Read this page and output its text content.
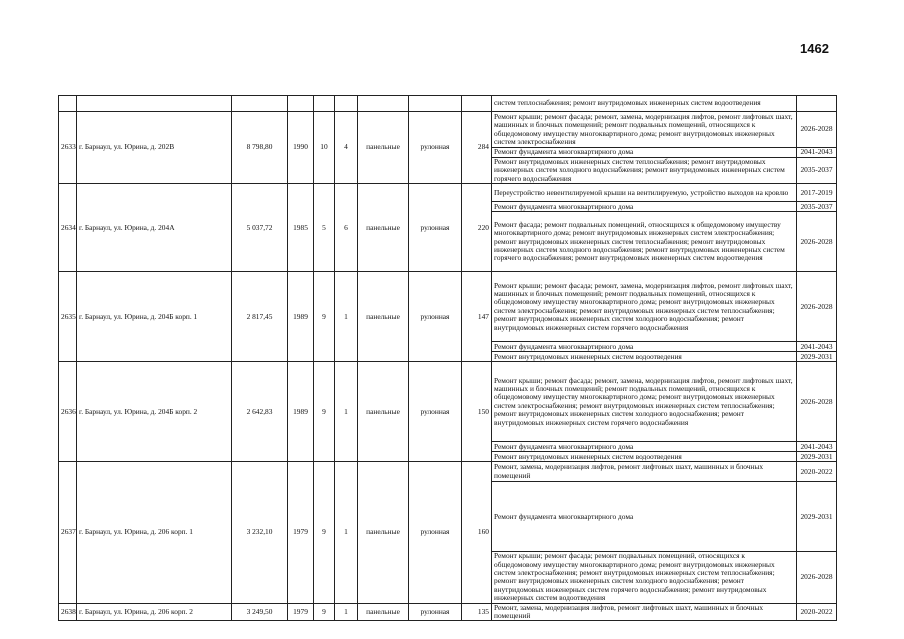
1462
									систем теплоснабжения; ремонт внутридомовых инженерных систем водоотведения	
2633	г. Барнаул, ул. Юрина, д. 202В	8 798,80	1990	10	4	панельные	рулонная	284	Ремонт крыши; ремонт фасада; ремонт, замена, модернизация лифтов, ремонт лифтовых шахт, машинных и блочных помещений; ремонт подвальных помещений, относящихся к общедомовому имуществу многоквартирного дома; ремонт внутридомовых инженерных систем электроснабжения	2026-2028
									Ремонт фундамента многоквартирного дома	2041-2043
									Ремонт внутридомовых инженерных систем теплоснабжения; ремонт внутридомовых инженерных систем холодного водоснабжения; ремонт внутридомовых инженерных систем горячего водоснабжения	2035-2037
2634	г. Барнаул, ул. Юрина, д. 204А	5 037,72	1985	5	6	панельные	рулонная	220	Переустройство невентилируемой крыши на вентилируемую, устройство выходов на кровлю	2017-2019
									Ремонт фундамента многоквартирного дома	2035-2037
									Ремонт фасада; ремонт подвальных помещений, относящихся к общедомовому имуществу многоквартирного дома; ремонт внутридомовых инженерных систем электроснабжения; ремонт внутридомовых инженерных систем теплоснабжения; ремонт внутридомовых инженерных систем холодного водоснабжения; ремонт внутридомовых инженерных систем горячего водоснабжения; ремонт внутридомовых инженерных систем водоотведения	2026-2028
2635	г. Барнаул, ул. Юрина, д. 204Б корп. 1	2 817,45	1989	9	1	панельные	рулонная	147	Ремонт крыши; ремонт фасада; ремонт, замена, модернизация лифтов, ремонт лифтовых шахт, машинных и блочных помещений; ремонт подвальных помещений, относящихся к общедомовому имуществу многоквартирного дома; ремонт внутридомовых инженерных систем электроснабжения; ремонт внутридомовых инженерных систем теплоснабжения; ремонт внутридомовых инженерных систем холодного водоснабжения; ремонт внутридомовых инженерных систем горячего водоснабжения	2026-2028
									Ремонт фундамента многоквартирного дома	2041-2043
									Ремонт внутридомовых инженерных систем водоотведения	2029-2031
2636	г. Барнаул, ул. Юрина, д. 204Б корп. 2	2 642,83	1989	9	1	панельные	рулонная	150	Ремонт крыши; ремонт фасада; ремонт, замена, модернизация лифтов, ремонт лифтовых шахт, машинных и блочных помещений; ремонт подвальных помещений, относящихся к общедомовому имуществу многоквартирного дома; ремонт внутридомовых инженерных систем электроснабжения; ремонт внутридомовых инженерных систем теплоснабжения; ремонт внутридомовых инженерных систем холодного водоснабжения; ремонт внутридомовых инженерных систем горячего водоснабжения	2026-2028
									Ремонт фундамента многоквартирного дома	2041-2043
									Ремонт внутридомовых инженерных систем водоотведения	2029-2031
2637	г. Барнаул, ул. Юрина, д. 206 корп. 1	3 232,10	1979	9	1	панельные	рулонная	160	Ремонт, замена, модернизация лифтов, ремонт лифтовых шахт, машинных и блочных помещений	2020-2022
									Ремонт фундамента многоквартирного дома	2029-2031
									Ремонт крыши; ремонт фасада; ремонт подвальных помещений, относящихся к общедомовому имуществу многоквартирного дома; ремонт внутридомовых инженерных систем электроснабжения; ремонт внутридомовых инженерных систем теплоснабжения; ремонт внутридомовых инженерных систем холодного водоснабжения; ремонт внутридомовых инженерных систем горячего водоснабжения; ремонт внутридомовых инженерных систем водоотведения	2026-2028
2638	г. Барнаул, ул. Юрина, д. 206 корп. 2	3 249,50	1979	9	1	панельные	рулонная	135	Ремонт, замена, модернизация лифтов, ремонт лифтовых шахт, машинных и блочных помещений	2020-2022
